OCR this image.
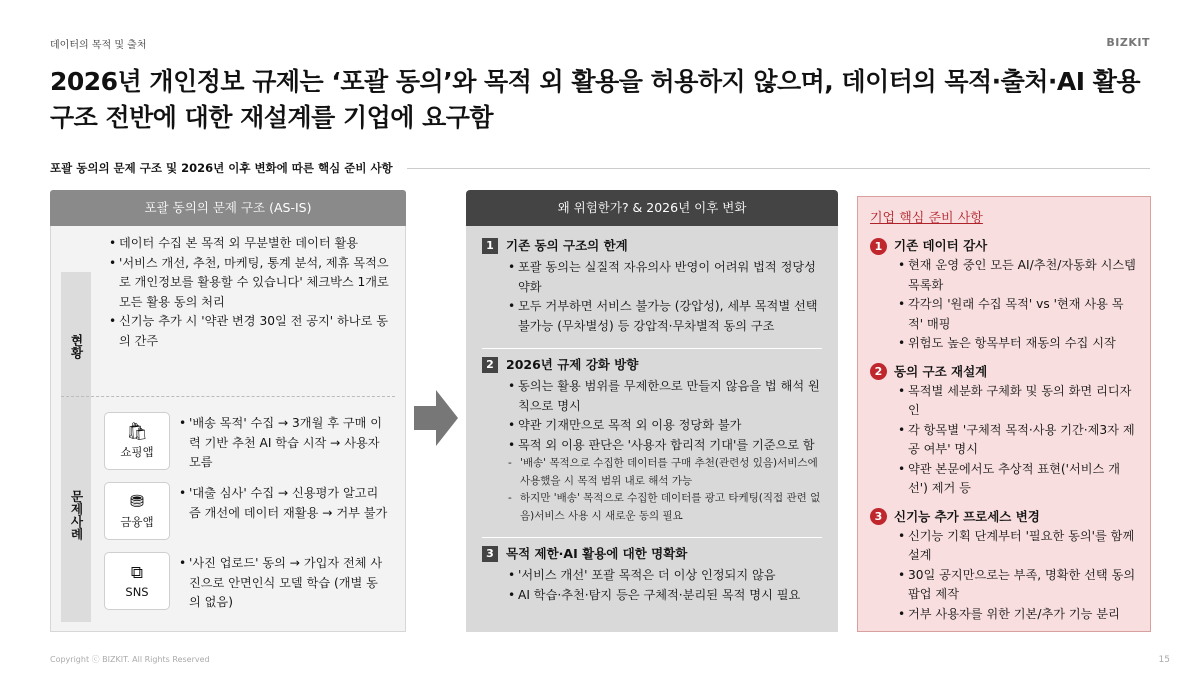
데이터의 목적 및 출처	BIZKIT
2026년 개인정보 규제는 ‘포괄 동의’와 목적 외 활용을 허용하지 않으며, 데이터의 목적·출처·AI 활용 구조 전반에 대한 재설계를 기업에 요구함
포괄 동의의 문제 구조 및 2026년 이후 변화에 따른 핵심 준비 사항
포괄 동의의 문제 구조 (AS-IS)
현황
• 데이터 수집 본 목적 외 무분별한 데이터 활용
• '서비스 개선, 추천, 마케팅, 통계 분석, 제휴 목적으로 개인정보를 활용할 수 있습니다' 체크박스 1개로 모든 활용 동의 처리
• 신기능 추가 시 '약관 변경 30일 전 공지' 하나로 동의 간주
문제사례
🛍
쇼핑앱
• '배송 목적' 수집 → 3개월 후 구매 이력 기반 추천 AI 학습 시작 → 사용자 모름
⛃
금융앱
• '대출 심사' 수집 → 신용평가 알고리즘 개선에 데이터 재활용 → 거부 불가
⧉
SNS
• '사진 업로드' 동의 → 가입자 전체 사진으로 안면인식 모델 학습 (개별 동의 없음)
왜 위험한가? & 2026년 이후 변화
1 기존 동의 구조의 한계
• 포괄 동의는 실질적 자유의사 반영이 어려워 법적 정당성 약화
• 모두 거부하면 서비스 불가능 (강압성), 세부 목적별 선택 불가능 (무차별성) 등 강압적·무차별적 동의 구조
2 2026년 규제 강화 방향
• 동의는 활용 범위를 무제한으로 만들지 않음을 법 해석 원칙으로 명시
• 약관 기재만으로 목적 외 이용 정당화 불가
• 목적 외 이용 판단은 '사용자 합리적 기대'를 기준으로 함
- '배송' 목적으로 수집한 데이터를 구매 추천(관련성 있음)서비스에 사용했을 시 목적 범위 내로 해석 가능
- 하지만 '배송' 목적으로 수집한 데이터를 광고 타케팅(직접 관련 없음)서비스 사용 시 새로운 동의 필요
3 목적 제한·AI 활용에 대한 명확화
• '서비스 개선' 포괄 목적은 더 이상 인정되지 않음
• AI 학습·추천·탐지 등은 구체적·분리된 목적 명시 필요
기업 핵심 준비 사항
1 기존 데이터 감사
• 현재 운영 중인 모든 AI/추천/자동화 시스템 목록화
• 각각의 '원래 수집 목적' vs '현재 사용 목적' 매핑
• 위험도 높은 항목부터 재동의 수집 시작
2 동의 구조 재설계
• 목적별 세분화 구체화 및 동의 화면 리디자인
• 각 항목별 '구체적 목적·사용 기간·제3자 제공 여부' 명시
• 약관 본문에서도 추상적 표현('서비스 개선') 제거 등
3 신기능 추가 프로세스 변경
• 신기능 기획 단계부터 '필요한 동의'를 함께 설계
• 30일 공지만으로는 부족, 명확한 선택 동의 팝업 제작
• 거부 사용자를 위한 기본/추가 기능 분리
Copyright ⓒ BIZKIT. All Rights Reserved	15
